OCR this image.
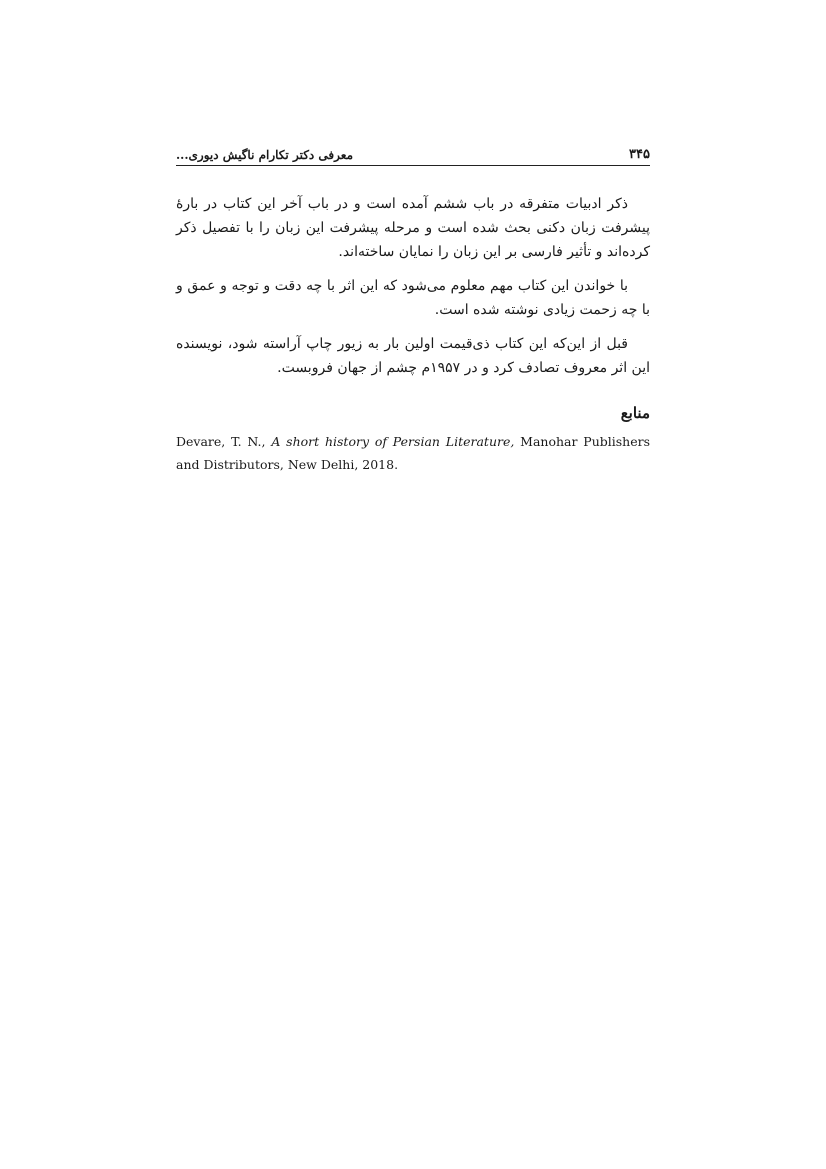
۳۴۵
معرفی دکتر تکارام ناگیش دیوری...

ذکر ادبیات متفرقه در باب ششم آمده است و در باب آخر این کتاب در بارۀ پیشرفت زبان دکنی بحث شده است و مرحله پیشرفت این زبان را با تفصیل ذکر کرده‌اند و تأثیر فارسی بر این زبان را نمایان ساخته‌اند.

با خواندن این کتاب مهم معلوم می‌شود که این اثر با چه دقت و توجه و عمق و با چه زحمت زیادی نوشته شده است.

قبل از این‌که این کتاب ذی‌قیمت اولین بار به زیور چاپ آراسته شود، نویسنده این اثر معروف تصادف کرد و در ۱۹۵۷م چشم از جهان فروبست.

منابع

Devare, T. N., A short history of Persian Literature, Manohar Publishers and Distributors, New Delhi, 2018.
